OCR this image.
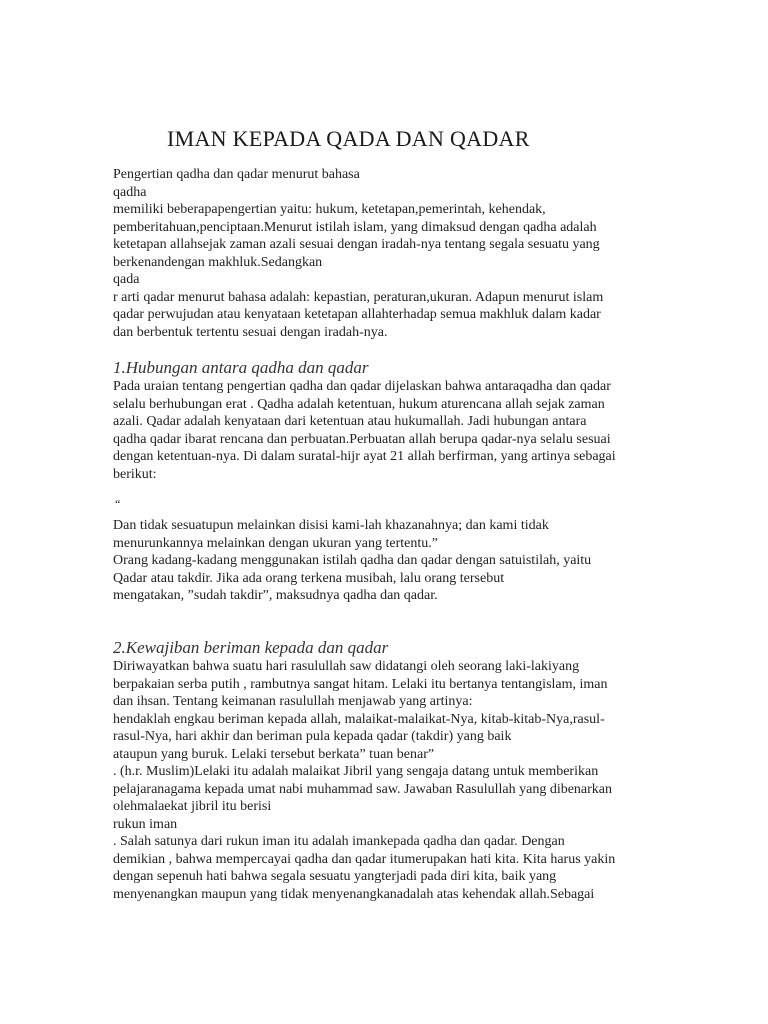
IMAN KEPADA QADA DAN QADAR
Pengertian qadha dan qadar menurut bahasa
qadha
memiliki beberapapengertian yaitu: hukum, ketetapan,pemerintah, kehendak,
pemberitahuan,penciptaan.Menurut istilah islam, yang dimaksud dengan qadha adalah
ketetapan allahsejak zaman azali sesuai dengan iradah-nya tentang segala sesuatu yang
berkenandengan makhluk.Sedangkan
qada
r arti qadar menurut bahasa adalah: kepastian, peraturan,ukuran. Adapun menurut islam
qadar perwujudan atau kenyataan ketetapan allahterhadap semua makhluk dalam kadar
dan berbentuk tertentu sesuai dengan iradah-nya.
1.Hubungan antara qadha dan qadar
Pada uraian tentang pengertian qadha dan qadar dijelaskan bahwa antaraqadha dan qadar
selalu berhubungan erat . Qadha adalah ketentuan, hukum aturencana allah sejak zaman
azali. Qadar adalah kenyataan dari ketentuan atau hukumallah. Jadi hubungan antara
qadha qadar ibarat rencana dan perbuatan.Perbuatan allah berupa qadar-nya selalu sesuai
dengan ketentuan-nya. Di dalam suratal-hijr ayat 21 allah berfirman, yang artinya sebagai
berikut:
“
Dan tidak sesuatupun melainkan disisi kami-lah khazanahnya; dan kami tidak
menurunkannya melainkan dengan ukuran yang tertentu.”
Orang kadang-kadang menggunakan istilah qadha dan qadar dengan satuistilah, yaitu
Qadar atau takdir. Jika ada orang terkena musibah, lalu orang tersebut
mengatakan, ”sudah takdir”, maksudnya qadha dan qadar.
2.Kewajiban beriman kepada dan qadar
Diriwayatkan bahwa suatu hari rasulullah saw didatangi oleh seorang laki-lakiyang
berpakaian serba putih , rambutnya sangat hitam. Lelaki itu bertanya tentangislam, iman
dan ihsan. Tentang keimanan rasulullah menjawab yang artinya:
hendaklah engkau beriman kepada allah, malaikat-malaikat-Nya, kitab-kitab-Nya,rasul-
rasul-Nya, hari akhir dan beriman pula kepada qadar (takdir) yang baik
ataupun yang buruk. Lelaki tersebut berkata” tuan benar”
. (h.r. Muslim)Lelaki itu adalah malaikat Jibril yang sengaja datang untuk memberikan
pelajaranagama kepada umat nabi muhammad saw. Jawaban Rasulullah yang dibenarkan
olehmalaekat jibril itu berisi
rukun iman
. Salah satunya dari rukun iman itu adalah imankepada qadha dan qadar. Dengan
demikian , bahwa mempercayai qadha dan qadar itumerupakan hati kita. Kita harus yakin
dengan sepenuh hati bahwa segala sesuatu yangterjadi pada diri kita, baik yang
menyenangkan maupun yang tidak menyenangkanadalah atas kehendak allah.Sebagai
